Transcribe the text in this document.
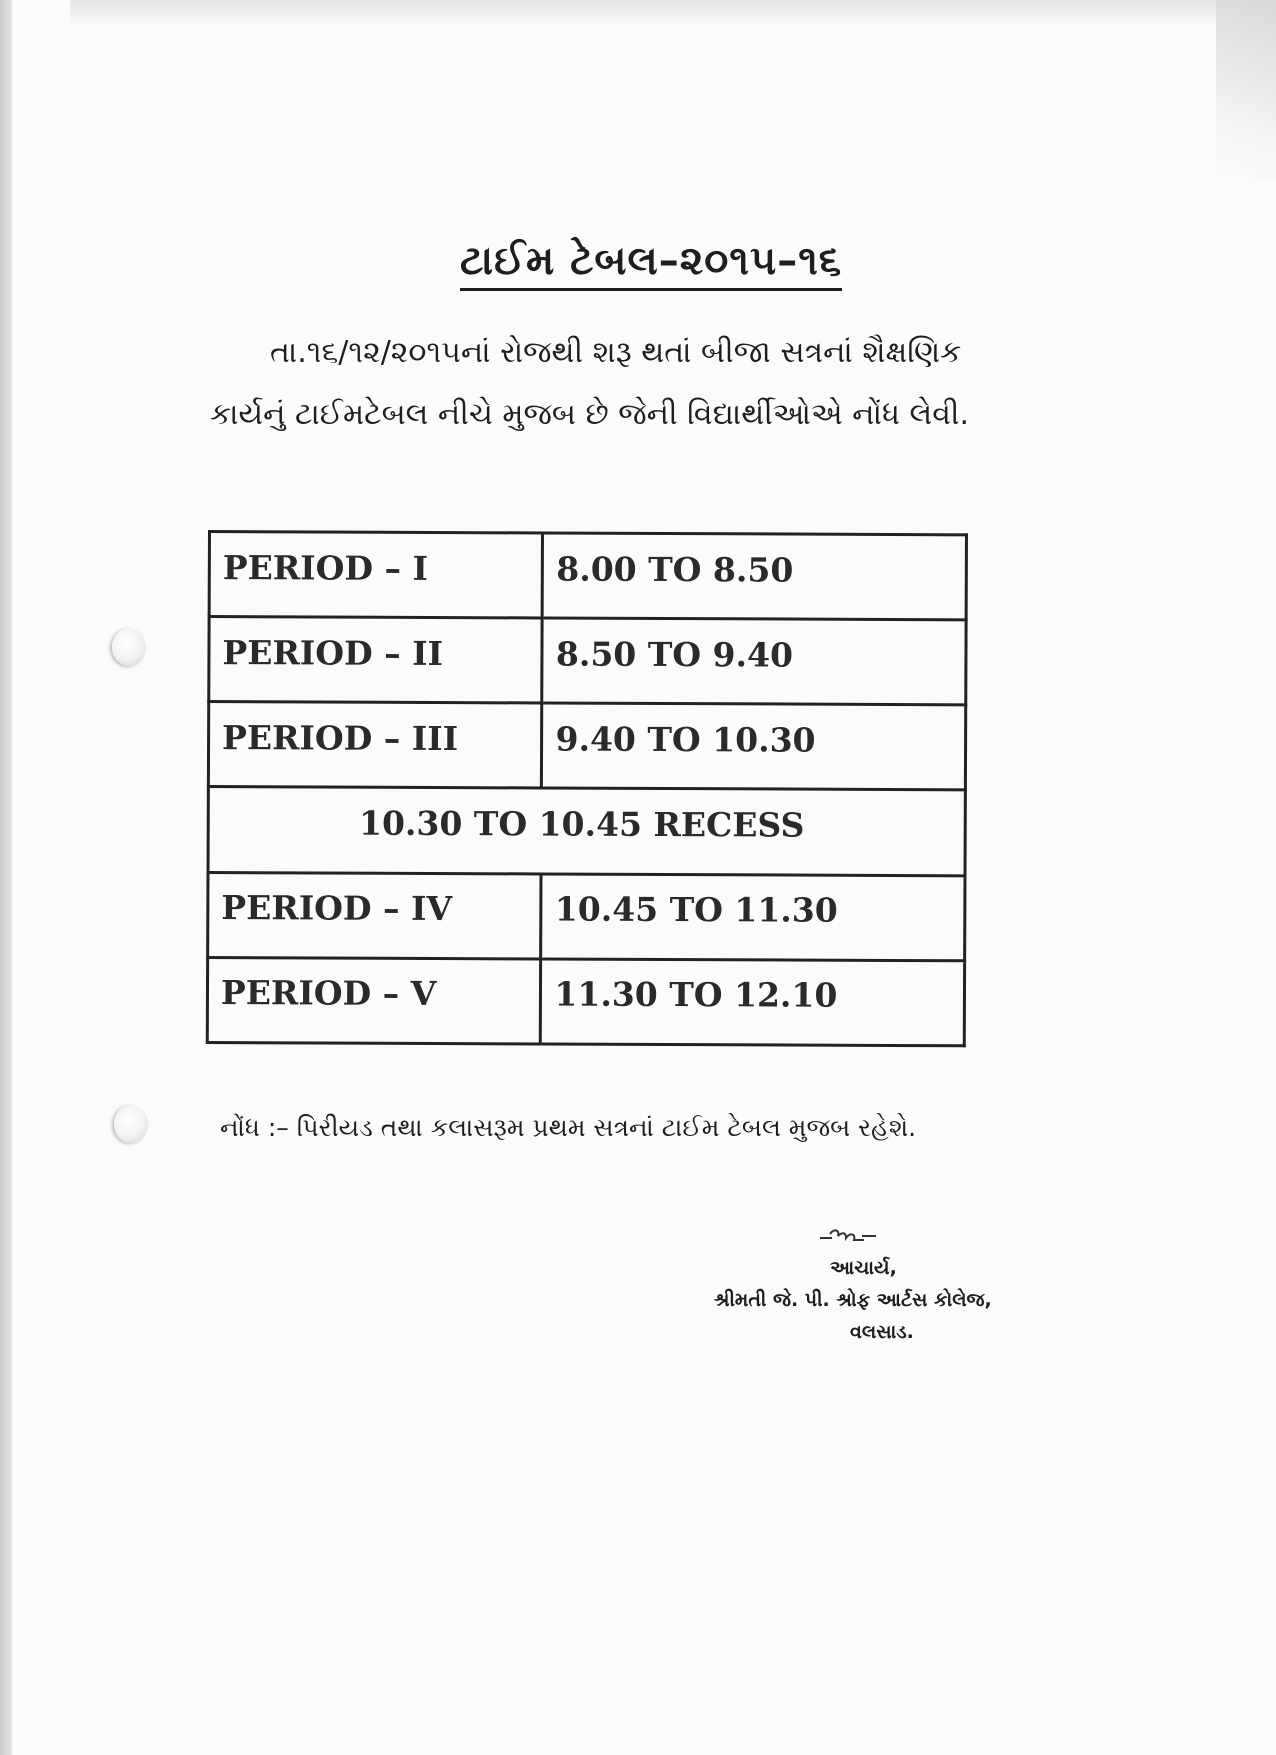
ટાઈમ ટેબલ–૨૦૧૫–૧૬
તા.૧૬/૧૨/૨૦૧૫નાં રોજથી શરૂ થતાં બીજા સત્રનાં શૈક્ષણિક
કાર્યનું ટાઈમટેબલ નીચે મુજબ છે જેની વિદ્યાર્થીઓએ નોંધ લેવી.
PERIOD – I	8.00 TO 8.50
PERIOD – II	8.50 TO 9.40
PERIOD – III	9.40 TO 10.30
10.30 TO 10.45 RECESS	
PERIOD – IV	10.45 TO 11.30
PERIOD – V	11.30 TO 12.10
નોંધ :– પિરીયડ તથા કલાસરૂમ પ્રથમ સત્રનાં ટાઈમ ટેબલ મુજબ રહેશે.
આચાર્ય,
શ્રીમતી જે. પી. શ્રોફ આર્ટસ કોલેજ,
વલસાડ.
